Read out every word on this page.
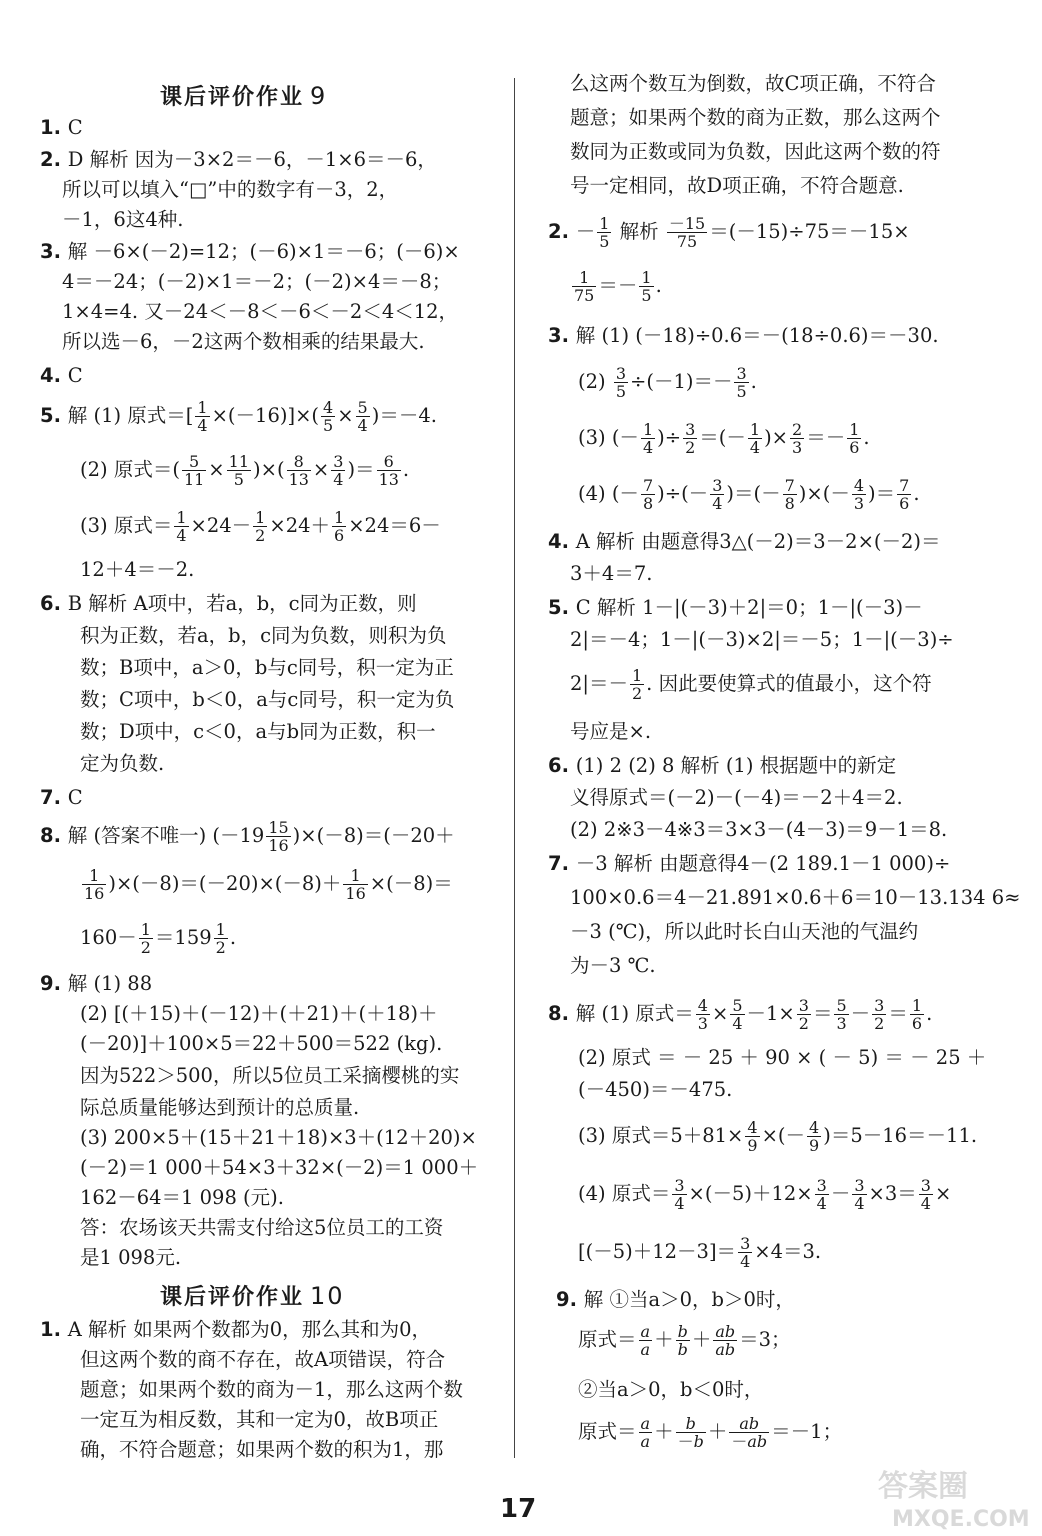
课后评价作业 9
1. C
2. D 解析 因为－3×2＝－6，－1×6＝－6，
所以可以填入“□”中的数字有－3，2，
－1，6这4种.
3. 解 －6×(－2)=12；(－6)×1＝－6；(－6)×
4＝－24；(－2)×1＝－2；(－2)×4＝－8；
1×4=4. 又－24＜－8＜－6＜－2＜4＜12，
所以选－6，－2这两个数相乘的结果最大.
4. C
5. 解 (1) 原式＝[ $\frac{1}{4} \times(-16)]\times( \frac{4}{5} \times \frac{5}{4} )=-4$.
(2) 原式＝( $\frac{5}{11} \times \frac{11}{5}$ )×( $\frac{8}{13} \times \frac{3}{4}$ )＝ $\frac{6}{13}$ .
(3) 原式＝ $\frac{1}{4} \times 24- \frac{1}{2} \times 24+ \frac{1}{6} \times 24=6-$
12＋4＝－2.
6. B 解析 A项中，若a，b，c同为正数，则
积为正数，若a，b，c同为负数，则积为负
数；B项中，a＞0，b与c同号，积一定为正
数；C项中，b＜0，a与c同号，积一定为负
数；D项中，c＜0，a与b同为正数，积一
定为负数.
7. C
8. 解 (答案不唯一) $(-19 \frac{15}{16} )\times(-8)=(-20+$
$\frac{1}{16} )\times(-8)=(-20)\times(-8)+ \frac{1}{16} \times(-8)=$
$160- \frac{1}{2} =159 \frac{1}{2}$ .
9. 解 (1) 88
(2) [(＋15)＋(－12)＋(＋21)＋(＋18)＋
(－20)]＋100×5＝22＋500＝522 (kg).
因为522＞500，所以5位员工采摘樱桃的实
际总质量能够达到预计的总质量.
(3) 200×5＋(15＋21＋18)×3＋(12＋20)×
(－2)＝1 000＋54×3＋32×(－2)＝1 000＋
162－64＝1 098 (元).
答：农场该天共需支付给这5位员工的工资
是1 098元.
课后评价作业 10
1. A 解析 如果两个数都为0，那么其和为0，
但这两个数的商不存在，故A项错误，符合
题意；如果两个数的商为－1，那么这两个数
一定互为相反数，其和一定为0，故B项正
确，不符合题意；如果两个数的积为1，那
么这两个数互为倒数，故C项正确，不符合
题意；如果两个数的商为正数，那么这两个
数同为正数或同为负数，因此这两个数的符
号一定相同，故D项正确，不符合题意.
2. － $\frac{1}{5}$ 解析 $\frac{-15}{75} =(-15)\div 75=-15\times$
$\frac{1}{75} =- \frac{1}{5}$ .
3. 解 (1) (－18)÷0.6＝－(18÷0.6)＝－30.
$(2) \frac{3}{5} \div(-1)=- \frac{3}{5}$ .
(3) (－ $\frac{1}{4}$ )÷ $\frac{3}{2}$ ＝(－ $\frac{1}{4}$ )× $\frac{2}{3} =- \frac{1}{6}$ .
(4) (－ $\frac{7}{8}$ )÷(－ $\frac{3}{4}$ )＝(－ $\frac{7}{8}$ )×(－ $\frac{4}{3}$ )＝ $\frac{7}{6}$ .
4. A 解析 由题意得3△(－2)＝3－2×(－2)＝
3＋4＝7.
5. C 解析 1－|(－3)＋2|＝0；1－|(－3)－
2|＝－4；1－|(－3)×2|＝－5；1－|(－3)÷
$2|=- \frac{1}{2}$ . 因此要使算式的值最小，这个符
号应是×.
6. (1) 2 (2) 8 解析 (1) 根据题中的新定
义得原式＝(－2)－(－4)＝－2＋4＝2.
(2) 2※3－4※3＝3×3－(4－3)＝9－1＝8.
7. －3 解析 由题意得4－(2 189.1－1 000)÷
100×0.6＝4－21.891×0.6＋6＝10－13.134 6≈
－3 (℃)，所以此时长白山天池的气温约
为－3 ℃.
8. 解 (1) 原式＝ $\frac{4}{3} \times \frac{5}{4} -1\times \frac{3}{2} = \frac{5}{3} - \frac{3}{2} = \frac{1}{6}$ .
(2) 原式 ＝ － 25 ＋ 90 × ( － 5) ＝ － 25 ＋
(－450)＝－475.
(3) 原式$=5+81\times \frac{4}{9}$ ×(－ $\frac{4}{9} )=5-16=-11$.
(4) 原式＝ $\frac{3}{4} \times(-5)+12\times \frac{3}{4} - \frac{3}{4} \times 3= \frac{3}{4}$ ×
$[(-5)+12-3]= \frac{3}{4} \times 4=3$.
9. 解 ①当a＞0，b＞0时，
原式＝ $\frac{a}{a} + \frac{b}{b} + \frac{ab}{ab} =3$；
②当a＞0，b＜0时，
原式＝ $\frac{a}{a} + \frac{b}{-b} + \frac{ab}{-ab} =-1$；
17
答案圈
MXQE.COM
